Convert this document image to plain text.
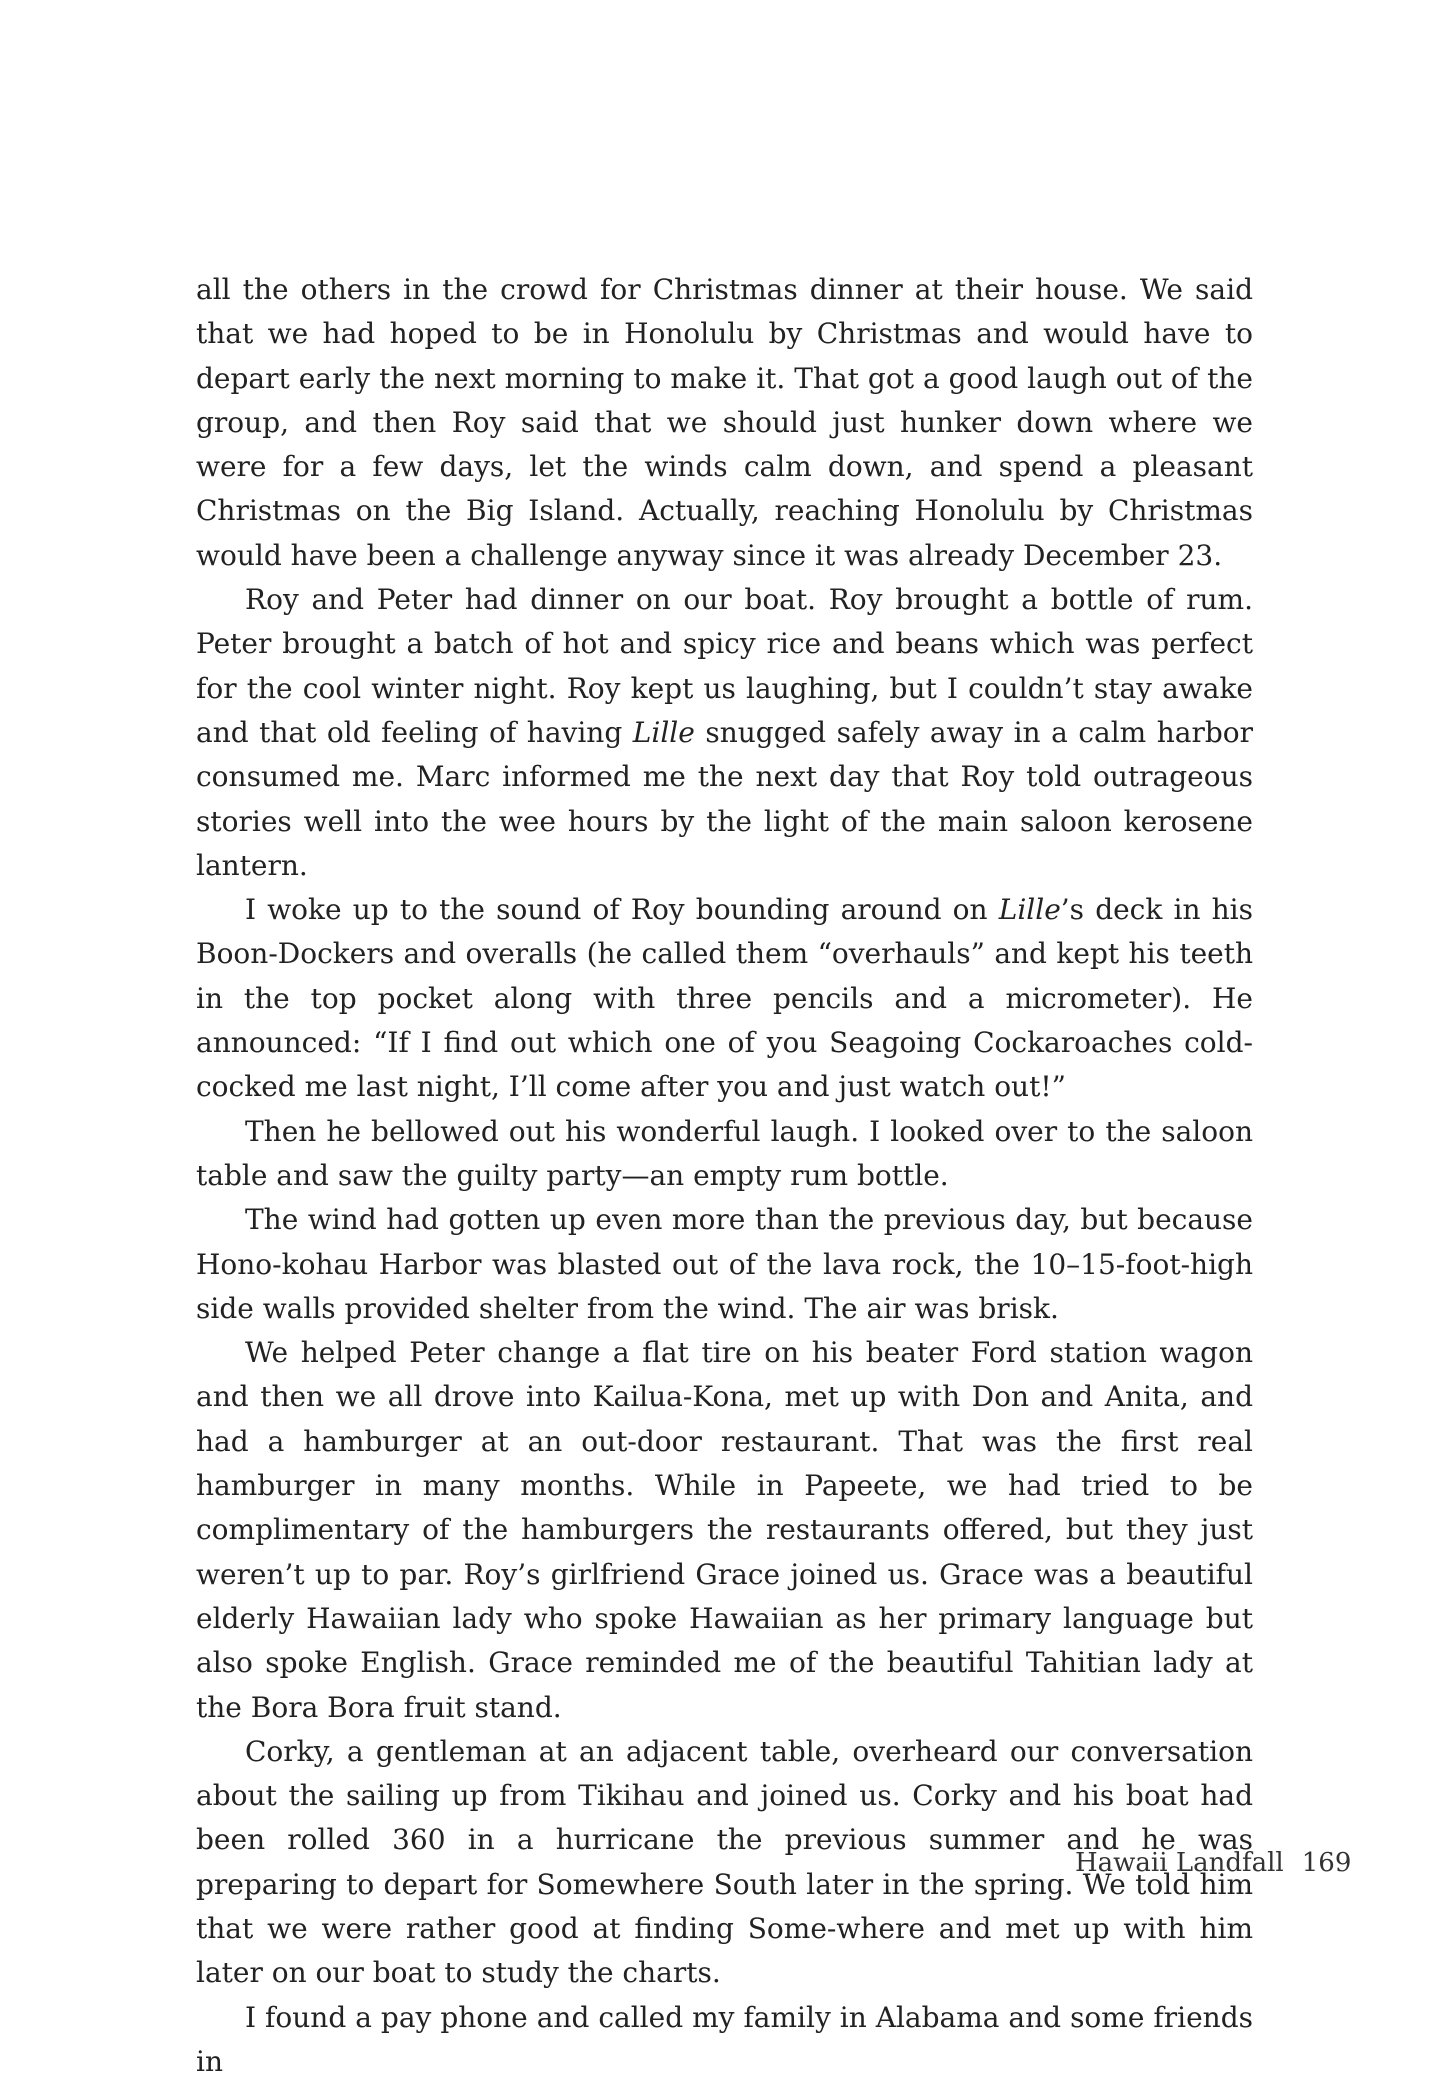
all the others in the crowd for Christmas dinner at their house. We said that we had hoped to be in Honolulu by Christmas and would have to depart early the next morning to make it. That got a good laugh out of the group, and then Roy said that we should just hunker down where we were for a few days, let the winds calm down, and spend a pleasant Christmas on the Big Island. Actually, reaching Honolulu by Christmas would have been a challenge anyway since it was already December 23.

Roy and Peter had dinner on our boat. Roy brought a bottle of rum. Peter brought a batch of hot and spicy rice and beans which was perfect for the cool winter night. Roy kept us laughing, but I couldn’t stay awake and that old feeling of having Lille snugged safely away in a calm harbor consumed me. Marc informed me the next day that Roy told outrageous stories well into the wee hours by the light of the main saloon kerosene lantern.

I woke up to the sound of Roy bounding around on Lille’s deck in his Boon-Dockers and overalls (he called them “overhauls” and kept his teeth in the top pocket along with three pencils and a micrometer). He announced: “If I find out which one of you Seagoing Cockaroaches cold-cocked me last night, I’ll come after you and just watch out!”

Then he bellowed out his wonderful laugh. I looked over to the saloon table and saw the guilty party—an empty rum bottle.

The wind had gotten up even more than the previous day, but because Hono-kohau Harbor was blasted out of the lava rock, the 10–15-foot-high side walls provided shelter from the wind. The air was brisk.

We helped Peter change a flat tire on his beater Ford station wagon and then we all drove into Kailua-Kona, met up with Don and Anita, and had a hamburger at an out-door restaurant. That was the first real hamburger in many months. While in Papeete, we had tried to be complimentary of the hamburgers the restaurants offered, but they just weren’t up to par. Roy’s girlfriend Grace joined us. Grace was a beautiful elderly Hawaiian lady who spoke Hawaiian as her primary language but also spoke English. Grace reminded me of the beautiful Tahitian lady at the Bora Bora fruit stand.

Corky, a gentleman at an adjacent table, overheard our conversation about the sailing up from Tikihau and joined us. Corky and his boat had been rolled 360 in a hurricane the previous summer and he was preparing to depart for Somewhere South later in the spring. We told him that we were rather good at finding Some-where and met up with him later on our boat to study the charts.

I found a pay phone and called my family in Alabama and some friends in

Hawaii Landfall 169
